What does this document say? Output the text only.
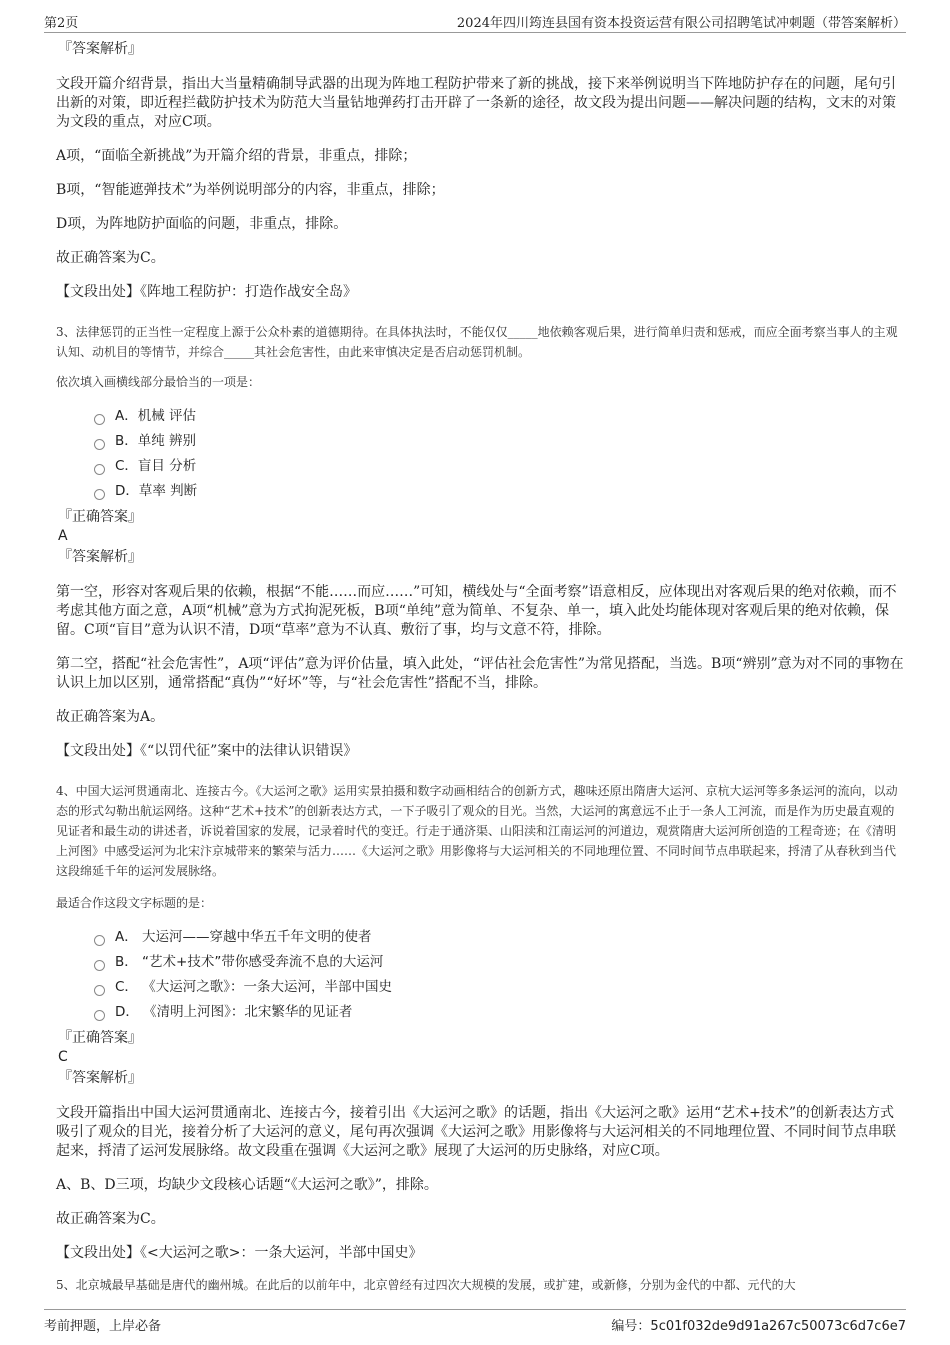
第2页	2024年四川筠连县国有资本投资运营有限公司招聘笔试冲刺题（带答案解析）
『答案解析』

文段开篇介绍背景，指出大当量精确制导武器的出现为阵地工程防护带来了新的挑战，接下来举例说明当下阵地防护存在的问题，尾句引出新的对策，即近程拦截防护技术为防范大当量钻地弹药打击开辟了一条新的途径，故文段为提出问题——解决问题的结构，文末的对策为文段的重点，对应C项。

A项，“面临全新挑战”为开篇介绍的背景，非重点，排除；

B项，“智能遮弹技术”为举例说明部分的内容，非重点，排除；

D项，为阵地防护面临的问题，非重点，排除。

故正确答案为C。

【文段出处】《阵地工程防护：打造作战安全岛》

3、法律惩罚的正当性一定程度上源于公众朴素的道德期待。在具体执法时，不能仅仅_____地依赖客观后果，进行简单归责和惩戒，而应全面考察当事人的主观认知、动机目的等情节，并综合_____其社会危害性，由此来审慎决定是否启动惩罚机制。

依次填入画横线部分最恰当的一项是：

A．机械 评估
B．单纯 辨别
C．盲目 分析
D．草率 判断
『正确答案』
A
『答案解析』

第一空，形容对客观后果的依赖，根据“不能……而应……”可知，横线处与“全面考察”语意相反，应体现出对客观后果的绝对依赖，而不考虑其他方面之意，A项“机械”意为方式拘泥死板，B项“单纯”意为简单、不复杂、单一，填入此处均能体现对客观后果的绝对依赖，保留。C项“盲目”意为认识不清，D项“草率”意为不认真、敷衍了事，均与文意不符，排除。

第二空，搭配“社会危害性”，A项“评估”意为评价估量，填入此处，“评估社会危害性”为常见搭配，当选。B项“辨别”意为对不同的事物在认识上加以区别，通常搭配“真伪”“好坏”等，与“社会危害性”搭配不当，排除。

故正确答案为A。

【文段出处】《“以罚代征”案中的法律认识错误》

4、中国大运河贯通南北、连接古今。《大运河之歌》运用实景拍摄和数字动画相结合的创新方式，趣味还原出隋唐大运河、京杭大运河等多条运河的流向，以动态的形式勾勒出航运网络。这种“艺术+技术”的创新表达方式，一下子吸引了观众的目光。当然，大运河的寓意远不止于一条人工河流，而是作为历史最直观的见证者和最生动的讲述者，诉说着国家的发展，记录着时代的变迁。行走于通济渠、山阳渎和江南运河的河道边，观赏隋唐大运河所创造的工程奇迹；在《清明上河图》中感受运河为北宋汴京城带来的繁荣与活力……《大运河之歌》用影像将与大运河相关的不同地理位置、不同时间节点串联起来，捋清了从春秋到当代这段绵延千年的运河发展脉络。

最适合作这段文字标题的是：

A． 大运河——穿越中华五千年文明的使者
B． “艺术+技术”带你感受奔流不息的大运河
C． 《大运河之歌》：一条大运河，半部中国史
D． 《清明上河图》：北宋繁华的见证者
『正确答案』
C
『答案解析』

文段开篇指出中国大运河贯通南北、连接古今，接着引出《大运河之歌》的话题，指出《大运河之歌》运用“艺术+技术”的创新表达方式吸引了观众的目光，接着分析了大运河的意义，尾句再次强调《大运河之歌》用影像将与大运河相关的不同地理位置、不同时间节点串联起来，捋清了运河发展脉络。故文段重在强调《大运河之歌》展现了大运河的历史脉络，对应C项。

A、B、D三项，均缺少文段核心话题“《大运河之歌》”，排除。

故正确答案为C。

【文段出处】《<大运河之歌>：一条大运河，半部中国史》

5、北京城最早基础是唐代的幽州城。在此后的以前年中，北京曾经有过四次大规模的发展，或扩建，或新修，分别为金代的中都、元代的大

考前押题，上岸必备	编号：5c01f032de9d91a267c50073c6d7c6e7
